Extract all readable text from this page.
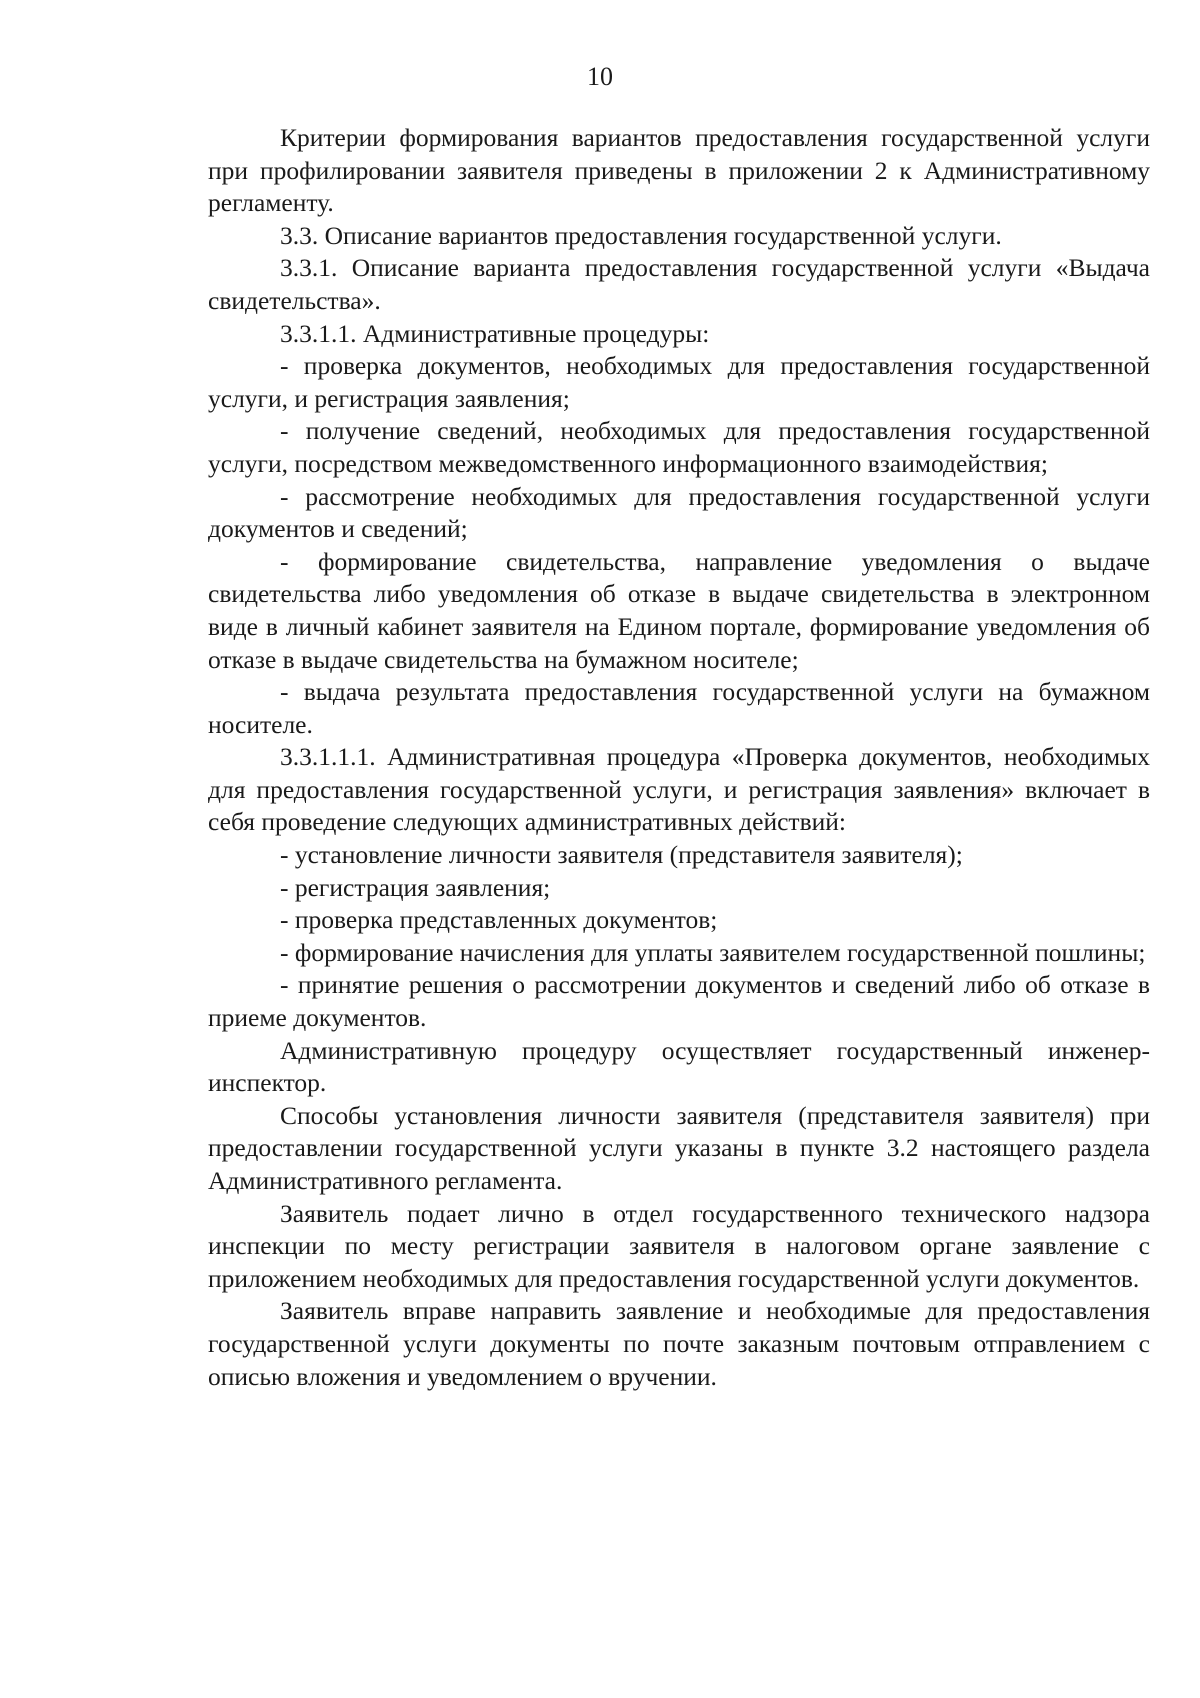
10

Критерии формирования вариантов предоставления государственной услуги при профилировании заявителя приведены в приложении 2 к Административному регламенту.

3.3. Описание вариантов предоставления государственной услуги.

3.3.1. Описание варианта предоставления государственной услуги «Выдача свидетельства».

3.3.1.1. Административные процедуры:

- проверка документов, необходимых для предоставления государственной услуги, и регистрация заявления;

- получение сведений, необходимых для предоставления государственной услуги, посредством межведомственного информационного взаимодействия;

- рассмотрение необходимых для предоставления государственной услуги документов и сведений;

- формирование свидетельства, направление уведомления о выдаче свидетельства либо уведомления об отказе в выдаче свидетельства в электронном виде в личный кабинет заявителя на Едином портале, формирование уведомления об отказе в выдаче свидетельства на бумажном носителе;

- выдача результата предоставления государственной услуги на бумажном носителе.

3.3.1.1.1. Административная процедура «Проверка документов, необходимых для предоставления государственной услуги, и регистрация заявления» включает в себя проведение следующих административных действий:

- установление личности заявителя (представителя заявителя);

- регистрация заявления;

- проверка представленных документов;

- формирование начисления для уплаты заявителем государственной пошлины;

- принятие решения о рассмотрении документов и сведений либо об отказе в приеме документов.

Административную процедуру осуществляет государственный инженер-инспектор.

Способы установления личности заявителя (представителя заявителя) при предоставлении государственной услуги указаны в пункте 3.2 настоящего раздела Административного регламента.

Заявитель подает лично в отдел государственного технического надзора инспекции по месту регистрации заявителя в налоговом органе заявление с приложением необходимых для предоставления государственной услуги документов.

Заявитель вправе направить заявление и необходимые для предоставления государственной услуги документы по почте заказным почтовым отправлением с описью вложения и уведомлением о вручении.
